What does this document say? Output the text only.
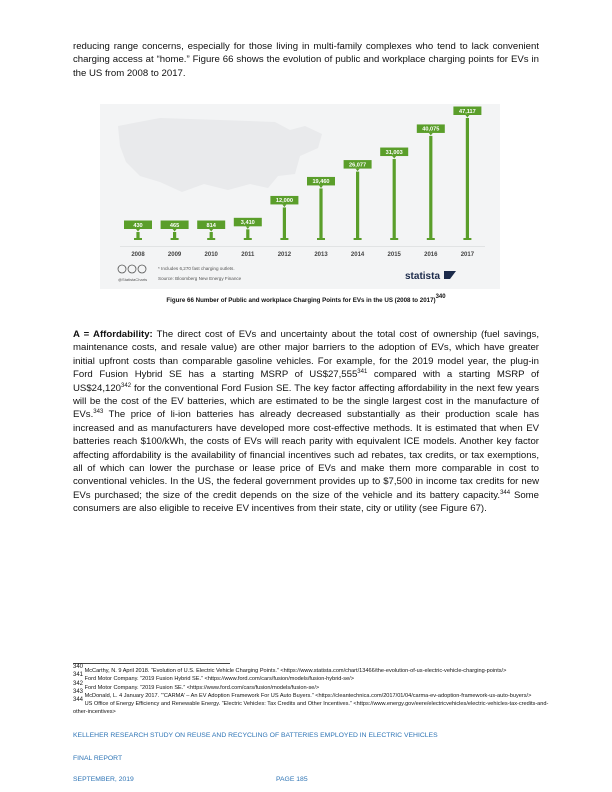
reducing range concerns, especially for those living in multi-family complexes who tend to lack convenient charging access at “home.” Figure 66 shows the evolution of public and workplace charging points for EVs in the US from 2008 to 2017.

430	465	814	3,410
12,000
19,460
26,077
31,003
40,075
47,117
2008	2009	2010	2011	2012	2013	2014	2015	2016	2017
@StatistaCharts
* Includes 6,270 fast charging outlets.
Source: Bloomberg New Energy Finance	statista
Figure 66 Number of Public and workplace Charging Points for EVs in the US (2008 to 2017)$^{340}$

A = Affordability: The direct cost of EVs and uncertainty about the total cost of ownership (fuel savings, maintenance costs, and resale value) are other major barriers to the adoption of EVs, which have greater initial upfront costs than comparable gasoline vehicles. For example, for the 2019 model year, the plug-in Ford Fusion Hybrid SE has a starting MSRP of US$27,555$^{341}$ compared with a starting MSRP of US$24,120$^{342}$ for the conventional Ford Fusion SE. The key factor affecting affordability in the next few years will be the cost of the EV batteries, which are estimated to be the single largest cost in the manufacture of EVs.$^{343}$ The price of li-ion batteries has already decreased substantially as their production scale has increased and as manufacturers have developed more cost-effective methods. It is estimated that when EV batteries reach $100/kWh, the costs of EVs will reach parity with equivalent ICE models. Another key factor affecting affordability is the availability of financial incentives such ad rebates, tax credits, or tax exemptions, all of which can lower the purchase or lease price of EVs and make them more comparable in cost to conventional vehicles. In the US, the federal government provides up to $7,500 in income tax credits for new EVs purchased; the size of the credit depends on the size of the vehicle and its battery capacity.$^{344}$ Some consumers are also eligible to receive EV incentives from their state, city or utility (see Figure 67).

$^{340}$ McCarthy, N. 9 April 2018. “Evolution of U.S. Electric Vehicle Charging Points.” <https://www.statista.com/chart/13466/the-evolution-of-us-electric-vehicle-charging-points/>

$^{341}$ Ford Motor Company. “2019 Fusion Hybrid SE.” <https://www.ford.com/cars/fusion/models/fusion-hybrid-se/>

$^{342}$ Ford Motor Company. “2019 Fusion SE.” <https://www.ford.com/cars/fusion/models/fusion-se/>

$^{343}$ McDonald, L. 4 January 2017. “‘CARMA’ – An EV Adoption Framework For US Auto Buyers.” <https://cleantechnica.com/2017/01/04/carma-ev-adoption-framework-us-auto-buyers/>

$^{344}$ US Office of Energy Efficiency and Renewable Energy. “Electric Vehicles: Tax Credits and Other Incentives.” <https://www.energy.gov/eere/electricvehicles/electric-vehicles-tax-credits-and-other-incentives>

KELLEHER RESEARCH STUDY ON REUSE AND RECYCLING OF BATTERIES EMPLOYED IN ELECTRIC VEHICLES

FINAL REPORT

SEPTEMBER, 2019	PAGE 185
